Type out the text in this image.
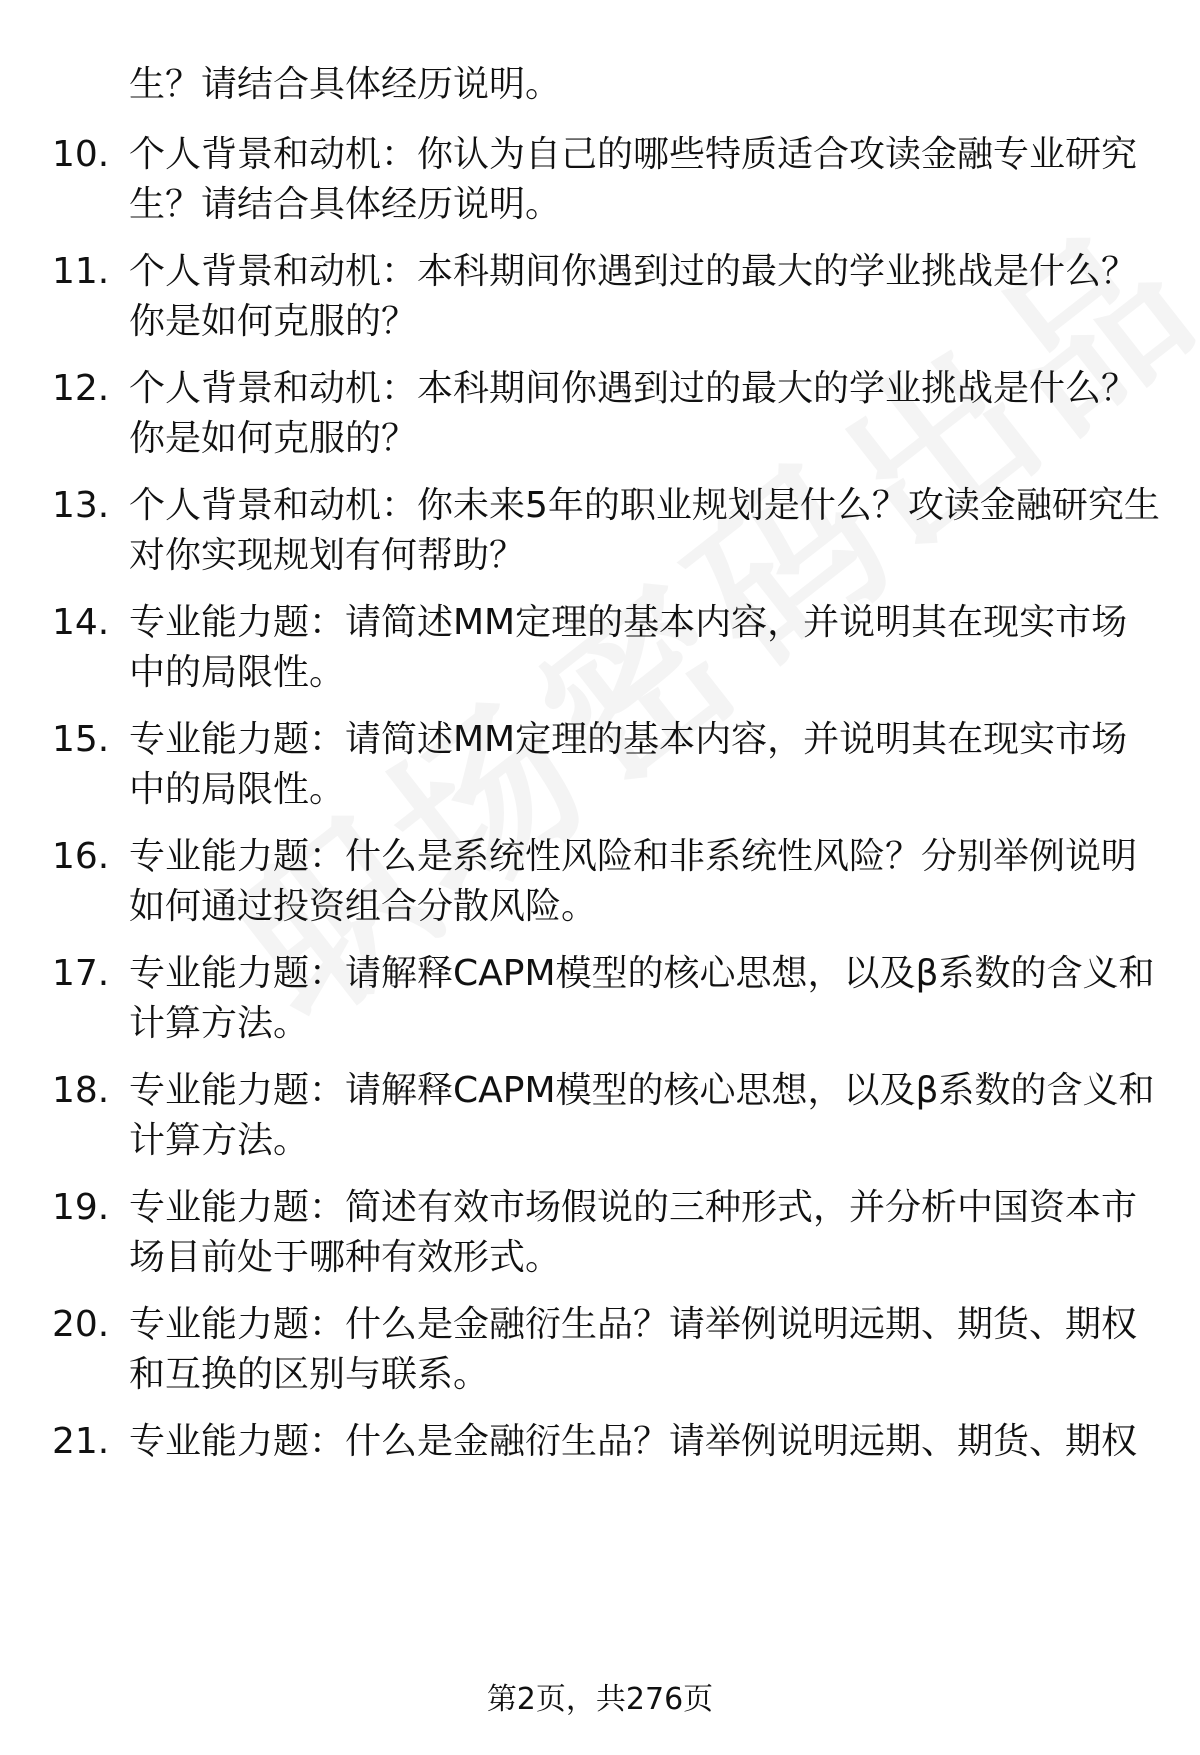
生？请结合具体经历说明。
10. 个人背景和动机：你认为自己的哪些特质适合攻读金融专业研究
生？请结合具体经历说明。
11. 个人背景和动机：本科期间你遇到过的最大的学业挑战是什么？
你是如何克服的？
12. 个人背景和动机：本科期间你遇到过的最大的学业挑战是什么？
你是如何克服的？
13. 个人背景和动机：你未来5年的职业规划是什么？攻读金融研究生
对你实现规划有何帮助？
14. 专业能力题：请简述MM定理的基本内容，并说明其在现实市场
中的局限性。
15. 专业能力题：请简述MM定理的基本内容，并说明其在现实市场
中的局限性。
16. 专业能力题：什么是系统性风险和非系统性风险？分别举例说明
如何通过投资组合分散风险。
17. 专业能力题：请解释CAPM模型的核心思想，以及β系数的含义和
计算方法。
18. 专业能力题：请解释CAPM模型的核心思想，以及β系数的含义和
计算方法。
19. 专业能力题：简述有效市场假说的三种形式，并分析中国资本市
场目前处于哪种有效形式。
20. 专业能力题：什么是金融衍生品？请举例说明远期、期货、期权
和互换的区别与联系。
21. 专业能力题：什么是金融衍生品？请举例说明远期、期货、期权
第2页，共276页
